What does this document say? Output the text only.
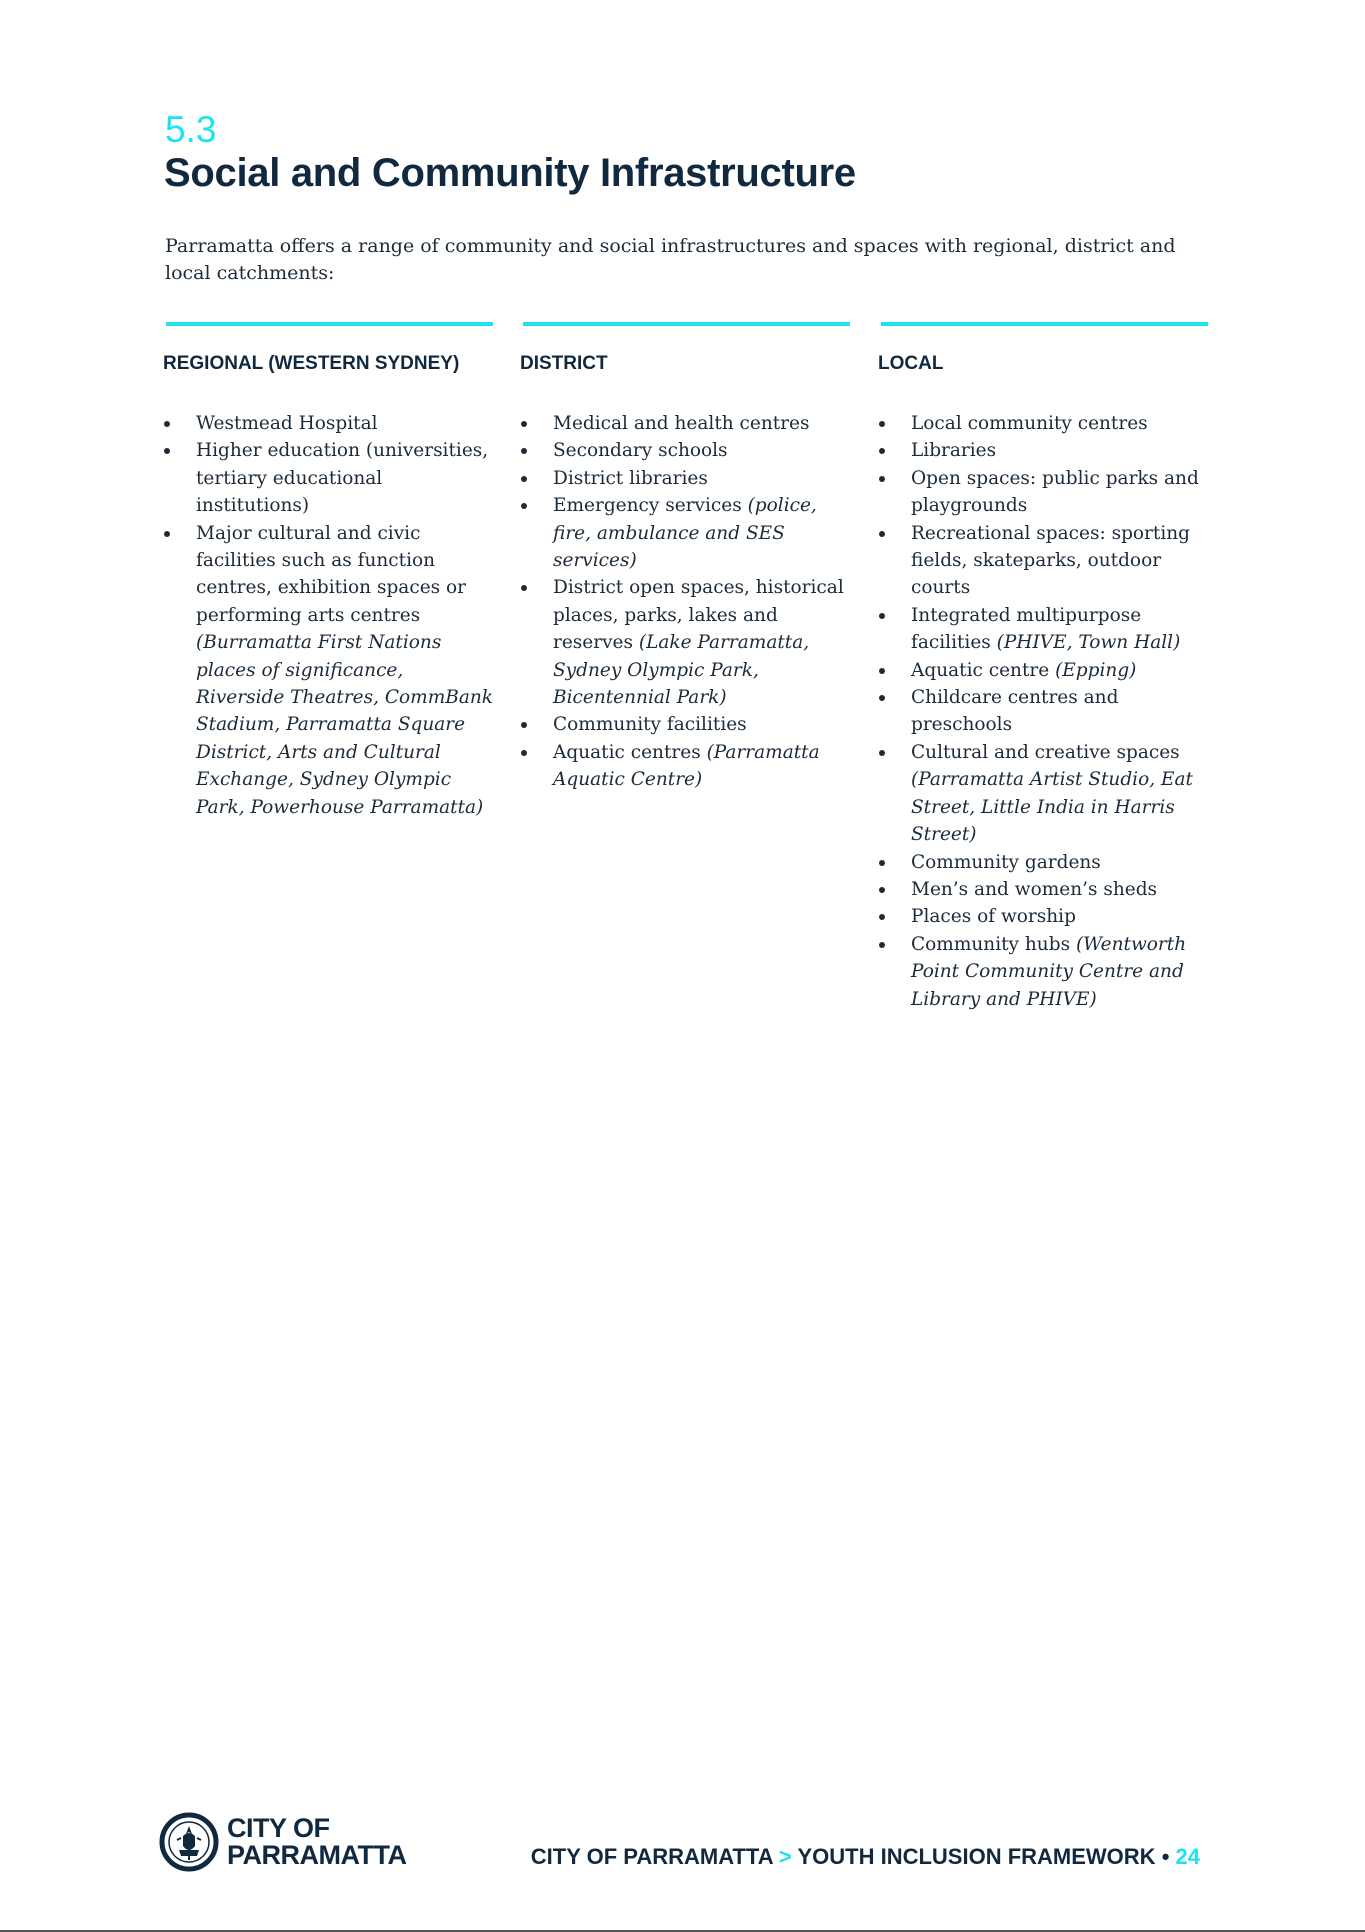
5.3
Social and Community Infrastructure

Parramatta offers a range of community and social infrastructures and spaces with regional, district and local catchments:

REGIONAL (WESTERN SYDNEY)
Westmead Hospital
Higher education (universities, tertiary educational institutions)
Major cultural and civic facilities such as function centres, exhibition spaces or performing arts centres (Burramatta First Nations places of significance, Riverside Theatres, CommBank Stadium, Parramatta Square District, Arts and Cultural Exchange, Sydney Olympic Park, Powerhouse Parramatta)
DISTRICT
Medical and health centres
Secondary schools
District libraries
Emergency services (police, fire, ambulance and SES services)
District open spaces, historical places, parks, lakes and reserves (Lake Parramatta, Sydney Olympic Park, Bicentennial Park)
Community facilities
Aquatic centres (Parramatta Aquatic Centre)
LOCAL
Local community centres
Libraries
Open spaces: public parks and playgrounds
Recreational spaces: sporting fields, skateparks, outdoor courts
Integrated multipurpose facilities (PHIVE, Town Hall)
Aquatic centre (Epping)
Childcare centres and preschools
Cultural and creative spaces (Parramatta Artist Studio, Eat Street, Little India in Harris Street)
Community gardens
Men’s and women’s sheds
Places of worship
Community hubs (Wentworth Point Community Centre and Library and PHIVE)
CITY OF
PARRAMATTA	CITY OF PARRAMATTA > YOUTH INCLUSION FRAMEWORK • 24
